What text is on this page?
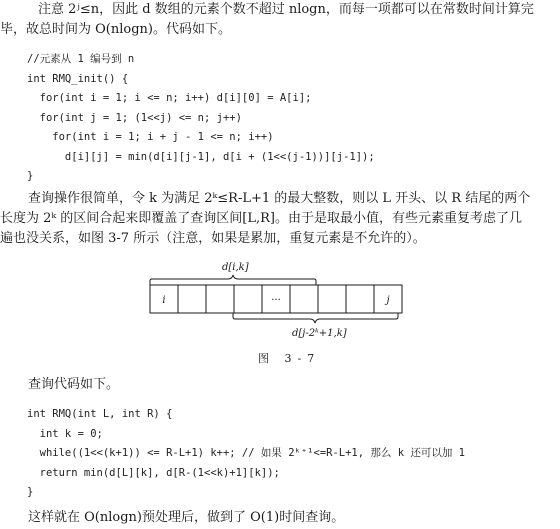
注意 2ʲ≤n，因此 d 数组的元素个数不超过 nlogn，而每一项都可以在常数时间计算完
毕，故总时间为 O(nlogn)。代码如下。
//元素从 1 编号到 n
int RMQ_init() {
for(int i = 1; i <= n; i++) d[i][0] = A[i];
for(int j = 1; (1<<j) <= n; j++)
for(int i = 1; i + j - 1 <= n; i++)
d[i][j] = min(d[i][j-1], d[i + (1<<(j-1))][j-1]);
}
查询操作很简单，令 k 为满足 2ᵏ≤R-L+1 的最大整数，则以 L 开头、以 R 结尾的两个
长度为 2ᵏ 的区间合起来即覆盖了查询区间[L,R]。由于是取最小值，有些元素重复考虑了几
遍也没关系，如图 3-7 所示（注意，如果是累加，重复元素是不允许的）。
d[i,k]
i	···	j
d[j-2ᵏ+1,k]
图 3-7
查询代码如下。
int RMQ(int L, int R) {
int k = 0;
while((1<<(k+1)) <= R-L+1) k++; // 如果 2ᵏ⁺¹<=R-L+1, 那么 k 还可以加 1
return min(d[L][k], d[R-(1<<k)+1][k]);
}
这样就在 O(nlogn)预处理后，做到了 O(1)时间查询。
